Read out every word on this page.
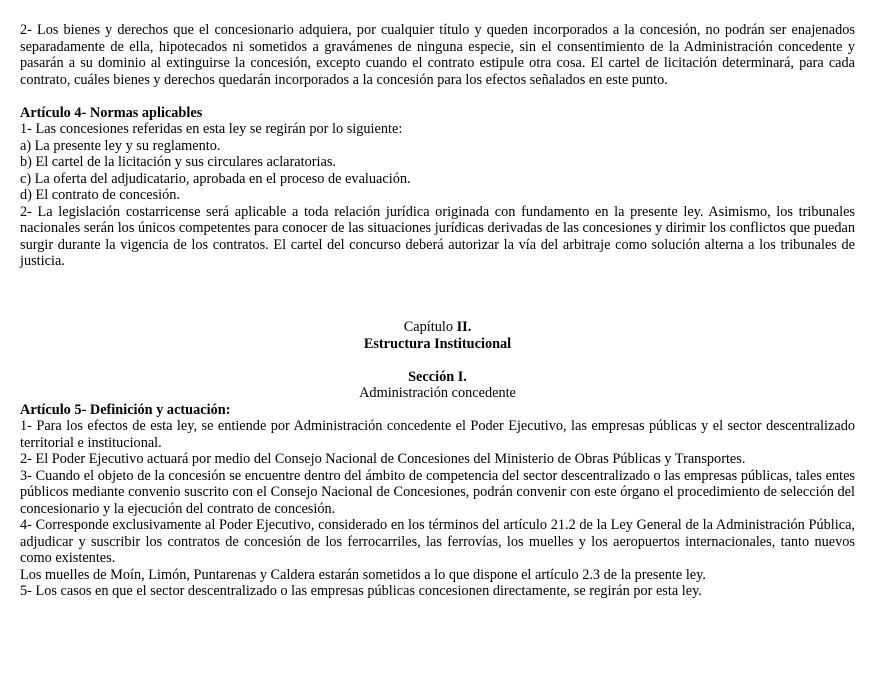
2- Los bienes y derechos que el concesionario adquiera, por cualquier título y queden incorporados a la concesión, no podrán ser enajenados separadamente de ella, hipotecados ni sometidos a gravámenes de ninguna especie, sin el consentimiento de la Administración concedente y pasarán a su dominio al extinguirse la concesión, excepto cuando el contrato estipule otra cosa. El cartel de licitación determinará, para cada contrato, cuáles bienes y derechos quedarán incorporados a la concesión para los efectos señalados en este punto.

Artículo 4- Normas aplicables

1- Las concesiones referidas en esta ley se regirán por lo siguiente:

a) La presente ley y su reglamento.

b) El cartel de la licitación y sus circulares aclaratorias.

c) La oferta del adjudicatario, aprobada en el proceso de evaluación.

d) El contrato de concesión.

2- La legislación costarricense será aplicable a toda relación jurídica originada con fundamento en la presente ley. Asimismo, los tribunales nacionales serán los únicos competentes para conocer de las situaciones jurídicas derivadas de las concesiones y dirimir los conflictos que puedan surgir durante la vigencia de los contratos. El cartel del concurso deberá autorizar la vía del arbitraje como solución alterna a los tribunales de justicia.

Capítulo II.

Estructura Institucional

Sección I.

Administración concedente

Artículo 5- Definición y actuación:

1- Para los efectos de esta ley, se entiende por Administración concedente el Poder Ejecutivo, las empresas públicas y el sector descentralizado territorial e institucional.

2- El Poder Ejecutivo actuará por medio del Consejo Nacional de Concesiones del Ministerio de Obras Públicas y Transportes.

3- Cuando el objeto de la concesión se encuentre dentro del ámbito de competencia del sector descentralizado o las empresas públicas, tales entes públicos mediante convenio suscrito con el Consejo Nacional de Concesiones, podrán convenir con este órgano el procedimiento de selección del concesionario y la ejecución del contrato de concesión.

4- Corresponde exclusivamente al Poder Ejecutivo, considerado en los términos del artículo 21.2 de la Ley General de la Administración Pública, adjudicar y suscribir los contratos de concesión de los ferrocarriles, las ferrovías, los muelles y los aeropuertos internacionales, tanto nuevos como existentes.

Los muelles de Moín, Limón, Puntarenas y Caldera estarán sometidos a lo que dispone el artículo 2.3 de la presente ley.

5- Los casos en que el sector descentralizado o las empresas públicas concesionen directamente, se regirán por esta ley.
